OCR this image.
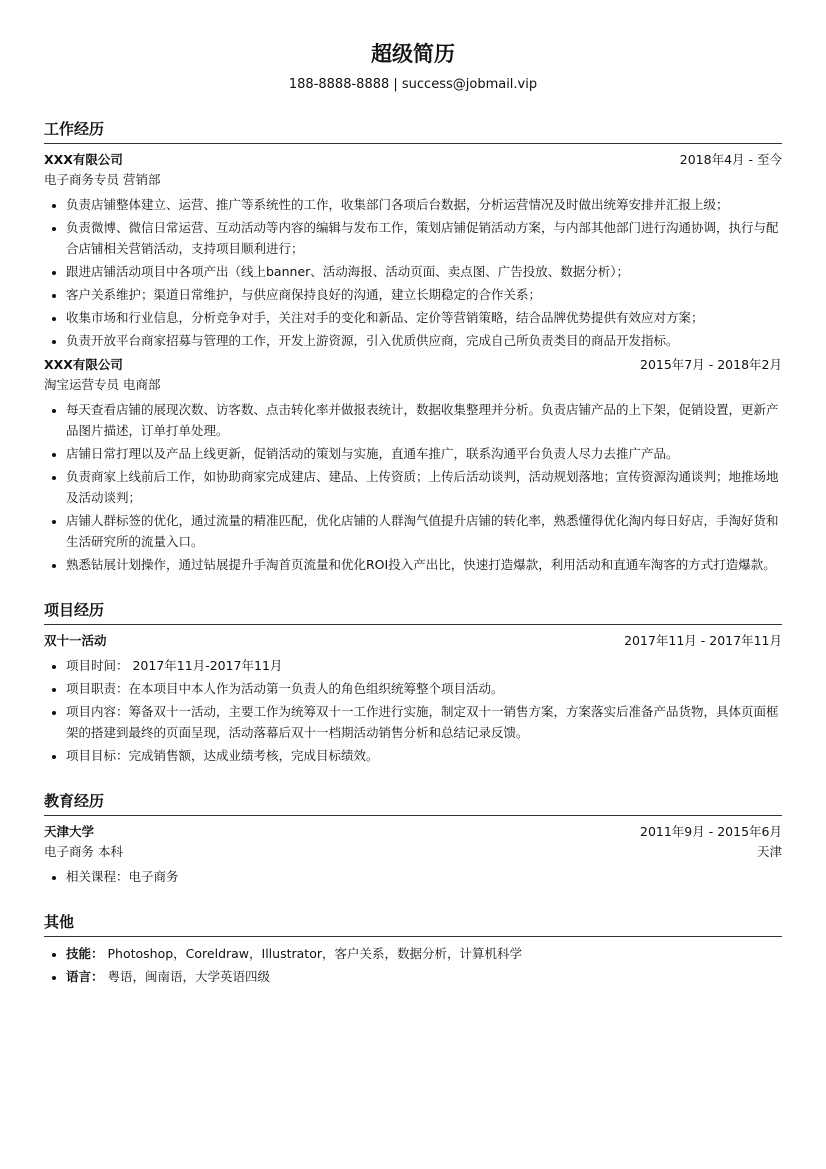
超级简历
188-8888-8888 | success@jobmail.vip
工作经历
XXX有限公司	2018年4月 - 至今
电子商务专员 营销部
• 负责店铺整体建立、运营、推广等系统性的工作，收集部门各项后台数据，分析运营情况及时做出统筹安排并汇报上级；
• 负责微博、微信日常运营、互动活动等内容的编辑与发布工作，策划店铺促销活动方案，与内部其他部门进行沟通协调，执行与配合店铺相关营销活动，支持项目顺利进行；
• 跟进店铺活动项目中各项产出（线上banner、活动海报、活动页面、卖点图、广告投放、数据分析）；
• 客户关系维护；渠道日常维护，与供应商保持良好的沟通，建立长期稳定的合作关系；
• 收集市场和行业信息，分析竞争对手，关注对手的变化和新品、定价等营销策略，结合品牌优势提供有效应对方案；
• 负责开放平台商家招募与管理的工作，开发上游资源，引入优质供应商，完成自己所负责类目的商品开发指标。
XXX有限公司	2015年7月 - 2018年2月
淘宝运营专员 电商部
• 每天查看店铺的展现次数、访客数、点击转化率并做报表统计，数据收集整理并分析。负责店铺产品的上下架，促销设置，更新产品图片描述，订单打单处理。
• 店铺日常打理以及产品上线更新，促销活动的策划与实施，直通车推广，联系沟通平台负责人尽力去推广产品。
• 负责商家上线前后工作，如协助商家完成建店、建品、上传资质；上传后活动谈判，活动规划落地；宣传资源沟通谈判；地推场地及活动谈判；
• 店铺人群标签的优化，通过流量的精准匹配，优化店铺的人群淘气值提升店铺的转化率，熟悉懂得优化淘内每日好店，手淘好货和生活研究所的流量入口。
• 熟悉钻展计划操作，通过钻展提升手淘首页流量和优化ROI投入产出比，快速打造爆款，利用活动和直通车淘客的方式打造爆款。
项目经历
双十一活动	2017年11月 - 2017年11月
• 项目时间： 2017年11月-2017年11月
• 项目职责：在本项目中本人作为活动第一负责人的角色组织统筹整个项目活动。
• 项目内容：筹备双十一活动，主要工作为统筹双十一工作进行实施，制定双十一销售方案，方案落实后准备产品货物，具体页面框架的搭建到最终的页面呈现，活动落幕后双十一档期活动销售分析和总结记录反馈。
• 项目目标：完成销售额，达成业绩考核，完成目标绩效。
教育经历
天津大学	2011年9月 - 2015年6月
电子商务 本科	天津
• 相关课程：电子商务
其他
• 技能： Photoshop，Coreldraw，Illustrator，客户关系，数据分析，计算机科学
• 语言： 粤语，闽南语，大学英语四级
